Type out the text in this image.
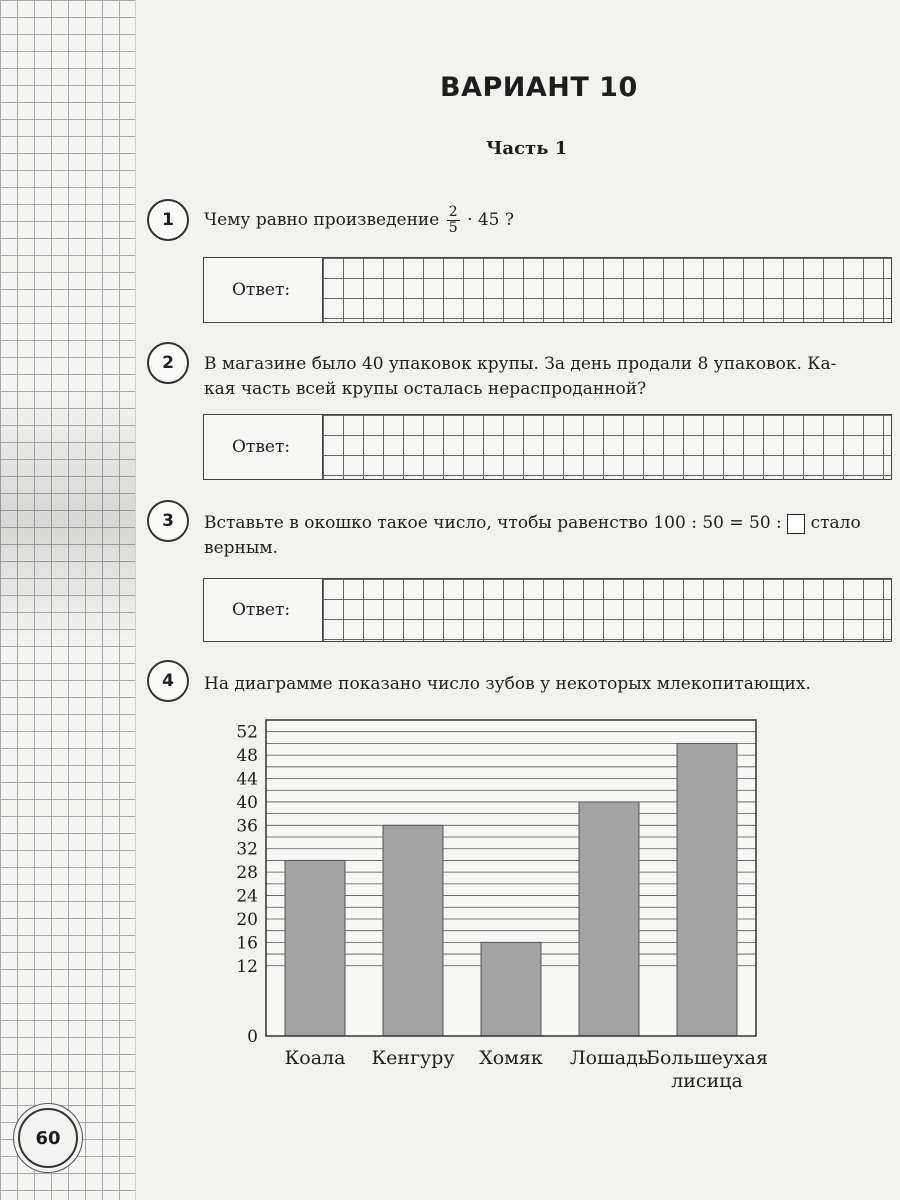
ВАРИАНТ 10
Часть 1
1	Чему равно произведение $\frac{2}{5} \cdot 45$ ?
Ответ:
2	В магазине было 40 упаковок крупы. За день продали 8 упаковок. Ка-
кая часть всей крупы осталась нераспроданной?
Ответ:
3	Вставьте в окошко такое число, чтобы равенство 100 : 50 = 50 : стало
верным.
Ответ:
4	На диаграмме показано число зубов у некоторых млекопитающих.
Коала Кенгуру Хомяк Лошадь
Большеухая
лисица
0
12
16
20
24
28
32
36
40
44
48
52
60
